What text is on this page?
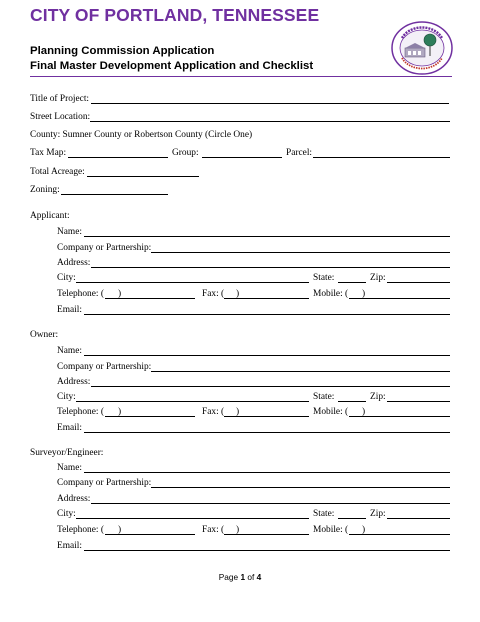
CITY OF PORTLAND, TENNESSEE
Planning Commission Application
Final Master Development Application and Checklist
Title of Project:
Street Location:
County: Sumner County or Robertson County (Circle One)
Tax Map:	Group:	Parcel:
Total Acreage:
Zoning:
Applicant:
Name:
Company or Partnership:
Address:
City:	State:	Zip:
Telephone: ( )	Fax: ( )	Mobile: ( )
Email:
Owner:
Name:
Company or Partnership:
Address:
City:	State:	Zip:
Telephone: ( )	Fax: ( )	Mobile: ( )
Email:
Surveyor/Engineer:
Name:
Company or Partnership:
Address:
City:	State:	Zip:
Telephone: ( )	Fax: ( )	Mobile: ( )
Email:
Page 1 of 4
